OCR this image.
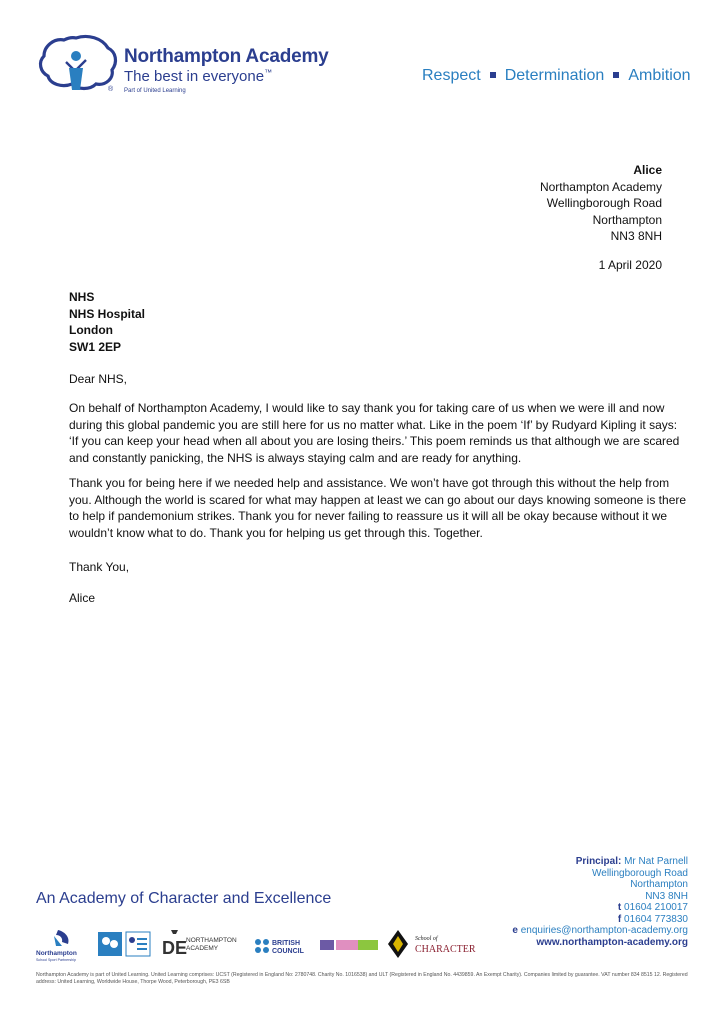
®
Northampton Academy
The best in everyone™
Part of United Learning
Respect Determination Ambition
Alice
Northampton Academy
Wellingborough Road
Northampton
NN3 8NH
1 April 2020
NHS
NHS Hospital
London
SW1 2EP
Dear NHS,
On behalf of Northampton Academy, I would like to say thank you for taking care of us when we were ill and now during this global pandemic you are still here for us no matter what. Like in the poem ‘If’ by Rudyard Kipling it says: ‘If you can keep your head when all about you are losing theirs.’ This poem reminds us that although we are scared and constantly panicking, the NHS is always staying calm and are ready for anything.
Thank you for being here if we needed help and assistance. We won’t have got through this without the help from you. Although the world is scared for what may happen at least we can go about our days knowing someone is there to help if pandemonium strikes. Thank you for never failing to reassure us it will all be okay because without it we wouldn’t know what to do. Thank you for helping us get through this. Together.
Thank You,
Alice
An Academy of Character and Excellence
Principal: Mr Nat Parnell
Wellingborough Road
Northampton
NN3 8NH
t 01604 210017
f 01604 773830
e enquiries@northampton-academy.org
www.northampton-academy.org
Northampton
School Sport Partnership
DE
NORTHAMPTON
ACADEMY
BRITISH
COUNCIL
School of
CHARACTER
Northampton Academy is part of United Learning. United Learning comprises: UCST (Registered in England No: 2780748. Charity No. 1016538) and ULT (Registered in England No. 4439859. An Exempt Charity). Companies limited by guarantee. VAT number 834 8515 12. Registered address: United Learning, Worldwide House, Thorpe Wood, Peterborough, PE3 6SB
